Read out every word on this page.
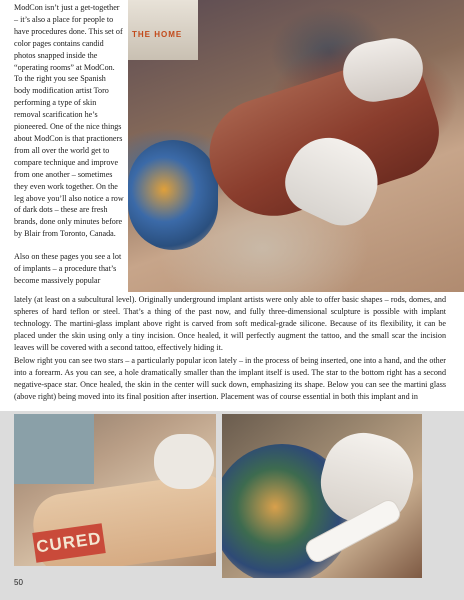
THE HOME

ModCon isn’t just a get-together – it’s also a place for people to have procedures done. This set of color pages contains candid photos snapped inside the “operating rooms” at ModCon. To the right you see Spanish body modification artist Toro performing a type of skin removal scarification he’s pioneered. One of the nice things about ModCon is that practioners from all over the world get to compare technique and improve from one another – sometimes they even work together. On the leg above you’ll also notice a row of dark dots – these are fresh brands, done only minutes before by Blair from Toronto, Canada.

Also on these pages you see a lot of implants – a procedure that’s become massively popular

lately (at least on a subcultural level). Originally underground implant artists were only able to offer basic shapes – rods, domes, and spheres of hard teflon or steel. That’s a thing of the past now, and fully three-dimensional sculpture is possible with implant technology. The martini-glass implant above right is carved from soft medical-grade silicone. Because of its flexibility, it can be placed under the skin using only a tiny incision. Once healed, it will perfectly augment the tattoo, and the small scar the incision leaves will be covered with a second tattoo, effectively hiding it.

Below right you can see two stars – a particularly popular icon lately – in the process of being inserted, one into a hand, and the other into a forearm. As you can see, a hole dramatically smaller than the implant itself is used. The star to the bottom right has a second negative-space star. Once healed, the skin in the center will suck down, emphasizing its shape. Below you can see the martini glass (above right) being moved into its final position after insertion. Placement was of course essential in both this implant and in

CURED
50
